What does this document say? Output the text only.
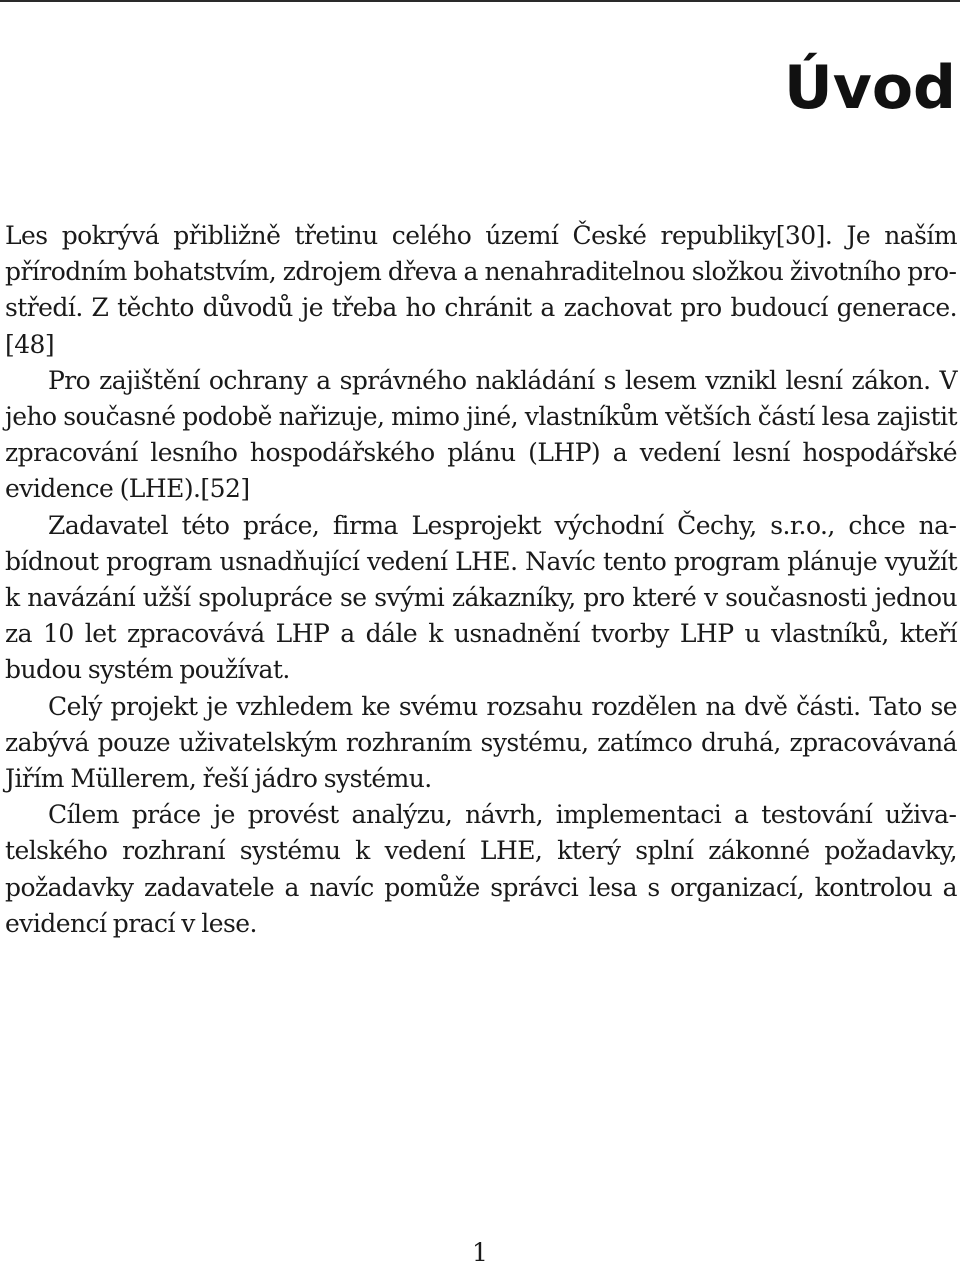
Úvod

Les pokrývá přibližně třetinu celého území České republiky[30]. Je naším přírodním bohatstvím, zdrojem dřeva a nenahraditelnou složkou životního prostředí. Z těchto důvodů je třeba ho chránit a zachovat pro budoucí generace. [48]

Pro zajištění ochrany a správného nakládání s lesem vznikl lesní zákon. V jeho současné podobě nařizuje, mimo jiné, vlastníkům větších částí lesa zajistit zpracování lesního hospodářského plánu (LHP) a vedení lesní hospodářské evidence (LHE).[52]

Zadavatel této práce, firma Lesprojekt východní Čechy, s.r.o., chce nabídnout program usnadňující vedení LHE. Navíc tento program plánuje využít k navázání užší spolupráce se svými zákazníky, pro které v současnosti jednou za 10 let zpracovává LHP a dále k usnadnění tvorby LHP u vlastníků, kteří budou systém používat.

Celý projekt je vzhledem ke svému rozsahu rozdělen na dvě části. Tato se zabývá pouze uživatelským rozhraním systému, zatímco druhá, zpracovávaná Jiřím Müllerem, řeší jádro systému.

Cílem práce je provést analýzu, návrh, implementaci a testování uživatelského rozhraní systému k vedení LHE, který splní zákonné požadavky, požadavky zadavatele a navíc pomůže správci lesa s organizací, kontrolou a evidencí prací v lese.

1
